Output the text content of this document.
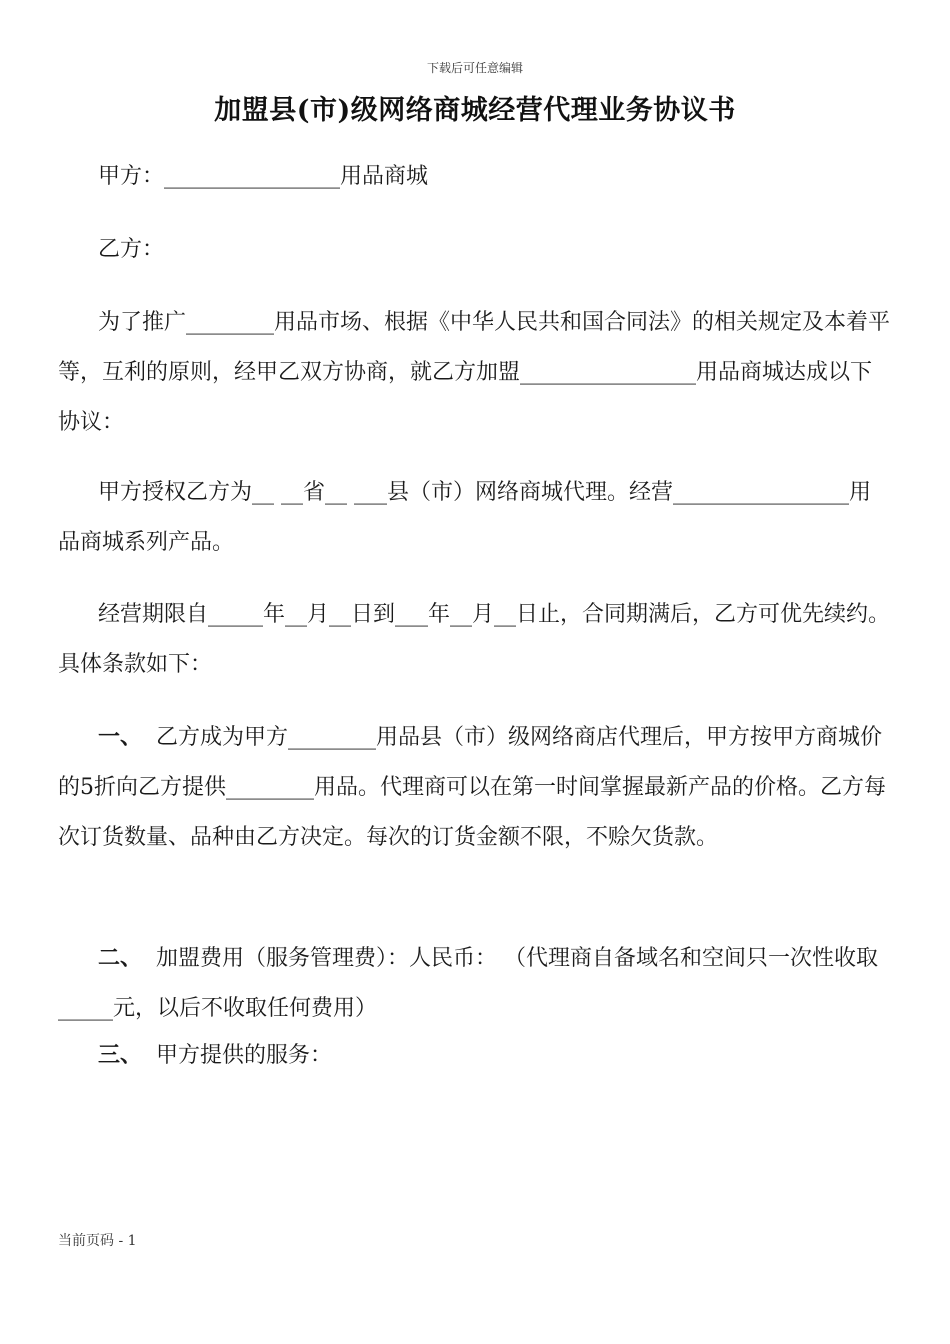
下载后可任意编辑
加盟县(市)级网络商城经营代理业务协议书
甲方：________________用品商城
乙方：
为了推广________用品市场、根据《中华人民共和国合同法》的相关规定及本着平等，互利的原则，经甲乙双方协商，就乙方加盟________________用品商城达成以下协议：
甲方授权乙方为__ __省__ ___县（市）网络商城代理。经营________________用品商城系列产品。
经营期限自_____年__月__日到___年__月__日止，合同期满后，乙方可优先续约。具体条款如下：
一、 乙方成为甲方________用品县（市）级网络商店代理后，甲方按甲方商城价的5折向乙方提供________用品。代理商可以在第一时间掌握最新产品的价格。乙方每次订货数量、品种由乙方决定。每次的订货金额不限，不赊欠货款。
二、 加盟费用（服务管理费）：人民币： （代理商自备域名和空间只一次性收取_____元，以后不收取任何费用）
三、 甲方提供的服务：
当前页码 - 1
